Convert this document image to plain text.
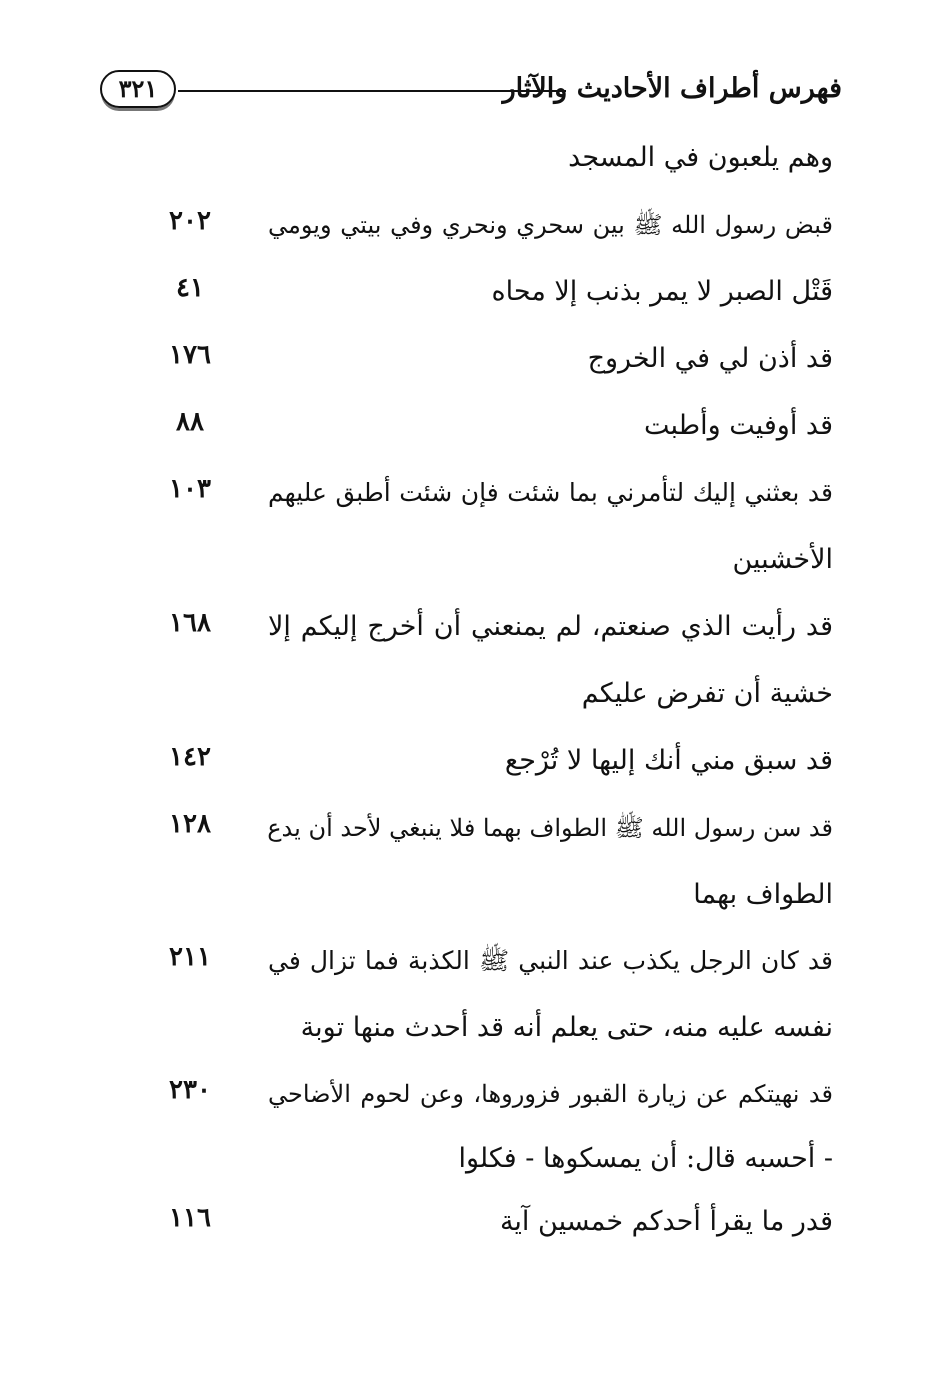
٣٢١	فهرس أطراف الأحاديث والآثار
وهم يلعبون في المسجد
قبض رسول الله ﷺ بين سحري ونحري وفي بيتي ويومي
٢٠٢
قَتْل الصبر لا يمر بذنب إلا محاه
٤١
قد أذن لي في الخروج
١٧٦
قد أوفيت وأطبت
٨٨
قد بعثني إليك لتأمرني بما شئت فإن شئت أطبق عليهم
الأخشبين
١٠٣
قد رأيت الذي صنعتم، لم يمنعني أن أخرج إليكم إلا
خشية أن تفرض عليكم
١٦٨
قد سبق مني أنك إليها لا تُرْجع
١٤٢
قد سن رسول الله ﷺ الطواف بهما فلا ينبغي لأحد أن يدع
الطواف بهما
١٢٨
قد كان الرجل يكذب عند النبي ﷺ الكذبة فما تزال في
نفسه عليه منه، حتى يعلم أنه قد أحدث منها توبة
٢١١
قد نهيتكم عن زيارة القبور فزوروها، وعن لحوم الأضاحي
- أحسبه قال: أن يمسكوها - فكلوا
٢٣٠
قدر ما يقرأ أحدكم خمسين آية
١١٦
